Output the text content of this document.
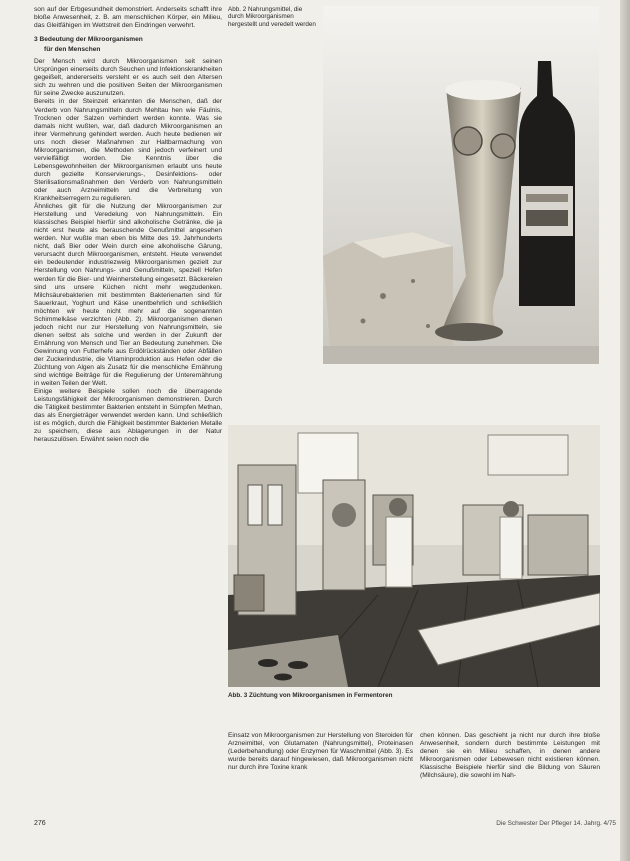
son auf der Erbgesundheit demonstriert. Anderseits schafft ihre bloße Anwesenheit, z. B. am menschlichen Körper, ein Milieu, das Gleitfähigen im Wettstreit den Eindringen verwehrt.

3 Bedeutung der Mikroorganismen

für den Menschen

Der Mensch wird durch Mikroorganismen seit seinen Ursprüngen einerseits durch Seuchen und Infektionskrankheiten gegeißelt, andererseits versteht er es auch seit den Altersen sich zu wehren und die positiven Seiten der Mikroorganismen für seine Zwecke auszunutzen.

Bereits in der Steinzeit erkannten die Menschen, daß der Verderb von Nahrungsmitteln durch Mehltau hen wie Fäulnis, Trocknen oder Salzen verhindert werden konnte. Was sie damals nicht wußten, war, daß dadurch Mikroorganismen an ihrer Vermehrung gehindert werden. Auch heute bedienen wir uns noch dieser Maßnahmen zur Haltbarmachung von Mikroorganismen, die Methoden sind jedoch verfeinert und vervielfältigt worden. Die Kenntnis über die Lebensgewohnheiten der Mikroorganismen erlaubt uns heute durch gezielte Konservierungs-, Desinfektions- oder Sterilisationsmaßnahmen den Verderb von Nahrungsmitteln oder auch Arzneimitteln und die Verbreitung von Krankheitserregern zu regulieren.

Ähnliches gilt für die Nutzung der Mikroorganismen zur Herstellung und Veredelung von Nahrungsmitteln. Ein klassisches Beispiel hierfür sind alkoholische Getränke, die ja nicht erst heute als berauschende Genußmittel angesehen werden. Nur wußte man eben bis Mitte des 19. Jahrhunderts nicht, daß Bier oder Wein durch eine alkoholische Gärung, verursacht durch Mikroorganismen, entsteht. Heute verwendet ein bedeutender industriezweig Mikroorganismen gezielt zur Herstellung von Nahrungs- und Genußmitteln, speziell Hefen werden für die Bier- und Weinherstellung eingesetzt. Bäckereien sind uns unsere Küchen nicht mehr wegzudenken. Milchsäurebakterien mit bestimmten Bakterienarten sind für Sauerkraut, Yoghurt und Käse unentbehrlich und schließlich möchten wir heute nicht mehr auf die sogenannten Schimmelkäse verzichten (Abb. 2). Mikroorganismen dienen jedoch nicht nur zur Herstellung von Nahrungsmitteln, sie dienen selbst als solche und werden in der Zukunft der Ernährung von Mensch und Tier an Bedeutung zunehmen. Die Gewinnung von Futterhefe aus Erdölrückständen oder Abfällen der Zuckerindustrie, die Vitaminproduktion aus Hefen oder die Züchtung von Algen als Zusatz für die menschliche Ernährung sind wichtige Beiträge für die Regulierung der Unterernährung in weiten Teilen der Welt.

Einige weitere Beispiele sollen noch die überragende Leistungsfähigkeit der Mikroorganismen demonstrieren. Durch die Tätigkeit bestimmter Bakterien entsteht in Sümpfen Methan, das als Energieträger verwendet werden kann. Und schließlich ist es möglich, durch die Fähigkeit bestimmter Bakterien Metalle zu speichern, diese aus Ablagerungen in der Natur herauszulösen. Erwähnt seien noch die

Abb. 2 Nahrungsmittel, die durch Mikroorganismen hergestellt und veredelt werden
Abb. 3 Züchtung von Mikroorganismen in Fermentoren
Einsatz von Mikroorganismen zur Herstellung von Steroiden für Arzneimittel, von Glutamaten (Nahrungsmittel), Proteinasen (Lederbehandlung) oder Enzymen für Waschmittel (Abb. 3). Es wurde bereits darauf hingewiesen, daß Mikroorganismen nicht nur durch ihre Toxine krank
chen können. Das geschieht ja nicht nur durch ihre bloße Anwesenheit, sondern durch bestimmte Leistungen mit denen sie ein Milieu schaffen, in denen andere Mikroorganismen oder Lebewesen nicht existieren können. Klassische Beispiele hierfür sind die Bildung von Säuren (Milchsäure), die sowohl im Nah-
276	Die Schwester Der Pfleger 14. Jahrg. 4/75
